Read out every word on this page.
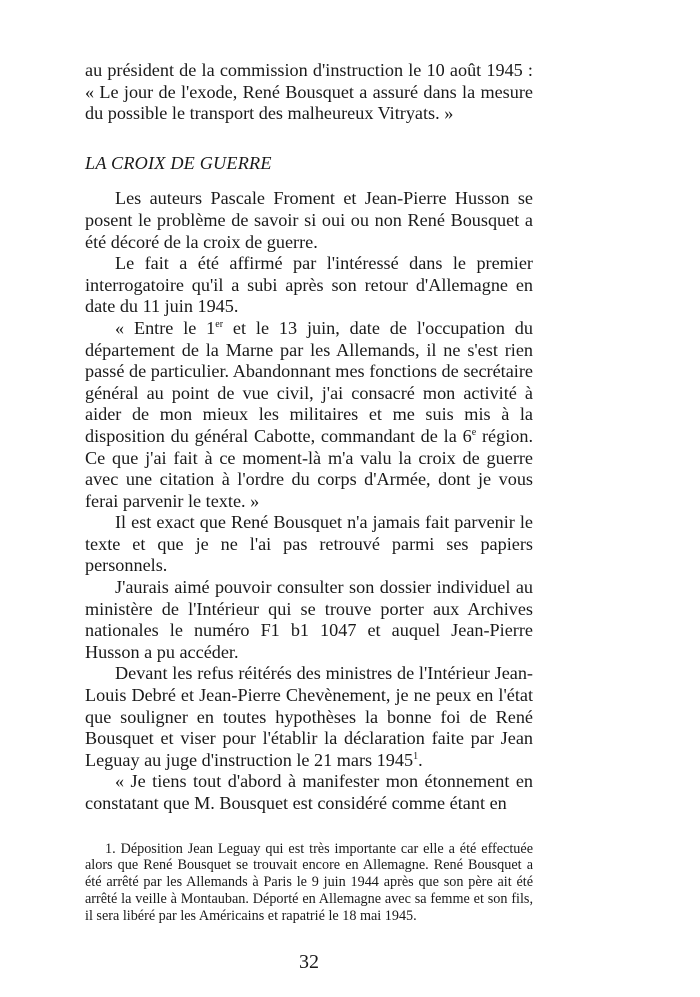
au président de la commission d'instruction le 10 août 1945 : « Le jour de l'exode, René Bousquet a assuré dans la mesure du possible le transport des malheureux Vitryats. »

LA CROIX DE GUERRE

Les auteurs Pascale Froment et Jean-Pierre Husson se posent le problème de savoir si oui ou non René Bousquet a été décoré de la croix de guerre.

Le fait a été affirmé par l'intéressé dans le premier interrogatoire qu'il a subi après son retour d'Allemagne en date du 11 juin 1945.

« Entre le 1er et le 13 juin, date de l'occupation du département de la Marne par les Allemands, il ne s'est rien passé de particulier. Abandonnant mes fonctions de secrétaire général au point de vue civil, j'ai consacré mon activité à aider de mon mieux les militaires et me suis mis à la disposition du général Cabotte, commandant de la 6e région. Ce que j'ai fait à ce moment-là m'a valu la croix de guerre avec une citation à l'ordre du corps d'Armée, dont je vous ferai parvenir le texte. »

Il est exact que René Bousquet n'a jamais fait parvenir le texte et que je ne l'ai pas retrouvé parmi ses papiers personnels.

J'aurais aimé pouvoir consulter son dossier individuel au ministère de l'Intérieur qui se trouve porter aux Archives nationales le numéro F1 b1 1047 et auquel Jean-Pierre Husson a pu accéder.

Devant les refus réitérés des ministres de l'Intérieur Jean-Louis Debré et Jean-Pierre Chevènement, je ne peux en l'état que souligner en toutes hypothèses la bonne foi de René Bousquet et viser pour l'établir la déclaration faite par Jean Leguay au juge d'instruction le 21 mars 1945$^1$.

« Je tiens tout d'abord à manifester mon étonnement en constatant que M. Bousquet est considéré comme étant en

1. Déposition Jean Leguay qui est très importante car elle a été effectuée alors que René Bousquet se trouvait encore en Allemagne. René Bousquet a été arrêté par les Allemands à Paris le 9 juin 1944 après que son père ait été arrêté la veille à Montauban. Déporté en Allemagne avec sa femme et son fils, il sera libéré par les Américains et rapatrié le 18 mai 1945.

32
